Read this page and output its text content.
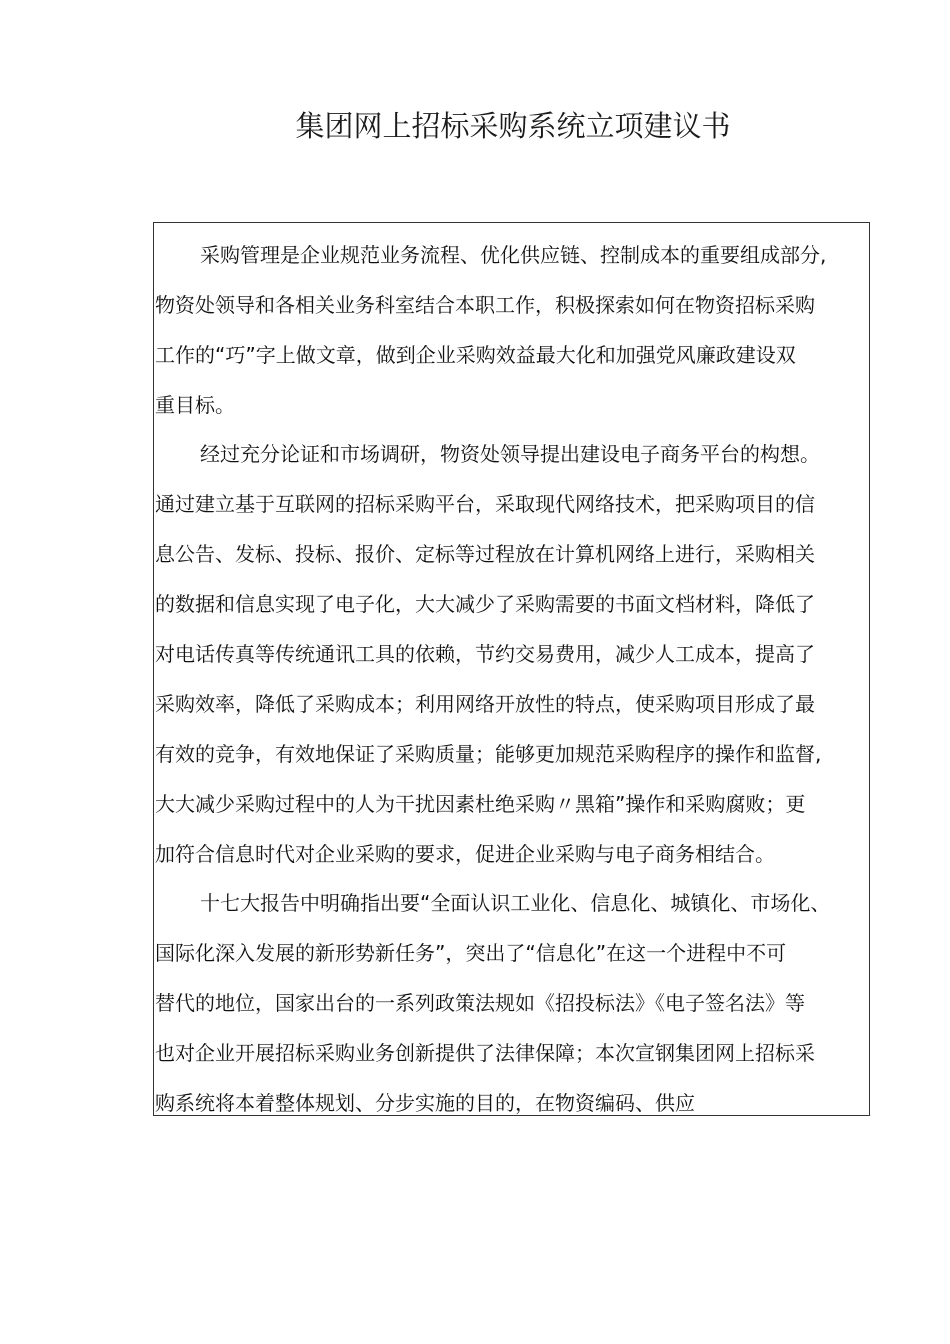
集团网上招标采购系统立项建议书
采购管理是企业规范业务流程、优化供应链、控制成本的重要组成部分,
物资处领导和各相关业务科室结合本职工作，积极探索如何在物资招标采购
工作的“巧”字上做文章，做到企业采购效益最大化和加强党风廉政建设双
重目标。
经过充分论证和市场调研，物资处领导提出建设电子商务平台的构想。
通过建立基于互联网的招标采购平台，采取现代网络技术，把采购项目的信
息公告、发标、投标、报价、定标等过程放在计算机网络上进行，采购相关
的数据和信息实现了电子化，大大减少了采购需要的书面文档材料，降低了
对电话传真等传统通讯工具的依赖，节约交易费用，减少人工成本，提高了
采购效率，降低了采购成本；利用网络开放性的特点，使采购项目形成了最
有效的竞争，有效地保证了采购质量；能够更加规范采购程序的操作和监督,
大大减少采购过程中的人为干扰因素杜绝采购〃黑箱”操作和采购腐败；更
加符合信息时代对企业采购的要求，促进企业采购与电子商务相结合。
十七大报告中明确指出要“全面认识工业化、信息化、城镇化、市场化、
国际化深入发展的新形势新任务”，突出了“信息化”在这一个进程中不可
替代的地位，国家出台的一系列政策法规如《招投标法》《电子签名法》等
也对企业开展招标采购业务创新提供了法律保障；本次宣钢集团网上招标采
购系统将本着整体规划、分步实施的目的，在物资编码、供应
